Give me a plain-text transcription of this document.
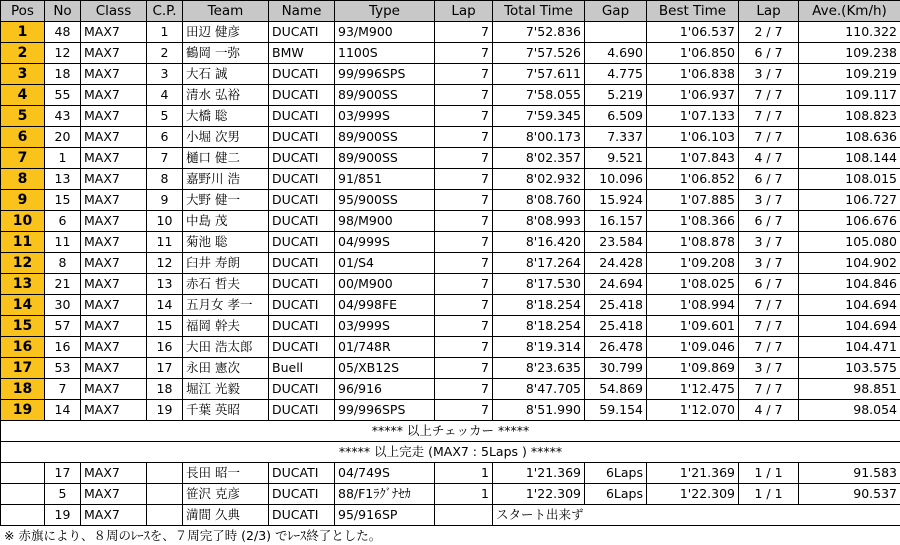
Pos	No	Class	C.P.	Team	Name	Type	Lap	Total Time	Gap	Best Time	Lap	Ave.(Km/h)
1	48	MAX7	1	田辺 健彦	DUCATI	93/M900	7	7'52.836		1'06.537	2 / 7	110.322
2	12	MAX7	2	鶴岡 一弥	BMW	1100S	7	7'57.526	4.690	1'06.850	6 / 7	109.238
3	18	MAX7	3	大石 誠	DUCATI	99/996SPS	7	7'57.611	4.775	1'06.838	3 / 7	109.219
4	55	MAX7	4	清水 弘裕	DUCATI	89/900SS	7	7'58.055	5.219	1'06.937	7 / 7	109.117
5	43	MAX7	5	大橋 聡	DUCATI	03/999S	7	7'59.345	6.509	1'07.133	7 / 7	108.823
6	20	MAX7	6	小堀 次男	DUCATI	89/900SS	7	8'00.173	7.337	1'06.103	7 / 7	108.636
7	1	MAX7	7	樋口 健二	DUCATI	89/900SS	7	8'02.357	9.521	1'07.843	4 / 7	108.144
8	13	MAX7	8	嘉野川 浩	DUCATI	91/851	7	8'02.932	10.096	1'06.852	6 / 7	108.015
9	15	MAX7	9	大野 健一	DUCATI	95/900SS	7	8'08.760	15.924	1'07.885	3 / 7	106.727
10	6	MAX7	10	中島 茂	DUCATI	98/M900	7	8'08.993	16.157	1'08.366	6 / 7	106.676
11	11	MAX7	11	菊池 聡	DUCATI	04/999S	7	8'16.420	23.584	1'08.878	3 / 7	105.080
12	8	MAX7	12	臼井 寿朗	DUCATI	01/S4	7	8'17.264	24.428	1'09.208	3 / 7	104.902
13	21	MAX7	13	赤石 哲夫	DUCATI	00/M900	7	8'17.530	24.694	1'08.025	6 / 7	104.846
14	30	MAX7	14	五月女 孝一	DUCATI	04/998FE	7	8'18.254	25.418	1'08.994	7 / 7	104.694
15	57	MAX7	15	福岡 幹夫	DUCATI	03/999S	7	8'18.254	25.418	1'09.601	7 / 7	104.694
16	16	MAX7	16	大田 浩太郎	DUCATI	01/748R	7	8'19.314	26.478	1'09.046	7 / 7	104.471
17	53	MAX7	17	永田 憲次	Buell	05/XB12S	7	8'23.635	30.799	1'09.869	3 / 7	103.575
18	7	MAX7	18	堀江 光毅	DUCATI	96/916	7	8'47.705	54.869	1'12.475	7 / 7	98.851
19	14	MAX7	19	千葉 英昭	DUCATI	99/996SPS	7	8'51.990	59.154	1'12.070	4 / 7	98.054
***** 以上チェッカー *****												
***** 以上完走 (MAX7 : 5Laps ) *****												
	17	MAX7		長田 昭一	DUCATI	04/749S	1	1'21.369	6Laps	1'21.369	1 / 1	91.583
	5	MAX7		笹沢 克彦	DUCATI	88/F1ﾗｸﾞﾅｾｶ	1	1'22.309	6Laps	1'22.309	1 / 1	90.537
	19	MAX7		満間 久典	DUCATI	95/916SP		スタート出来ず				
※ 赤旗により、８周のﾚｰｽを、７周完了時 (2/3) でﾚｰｽ終了とした。
